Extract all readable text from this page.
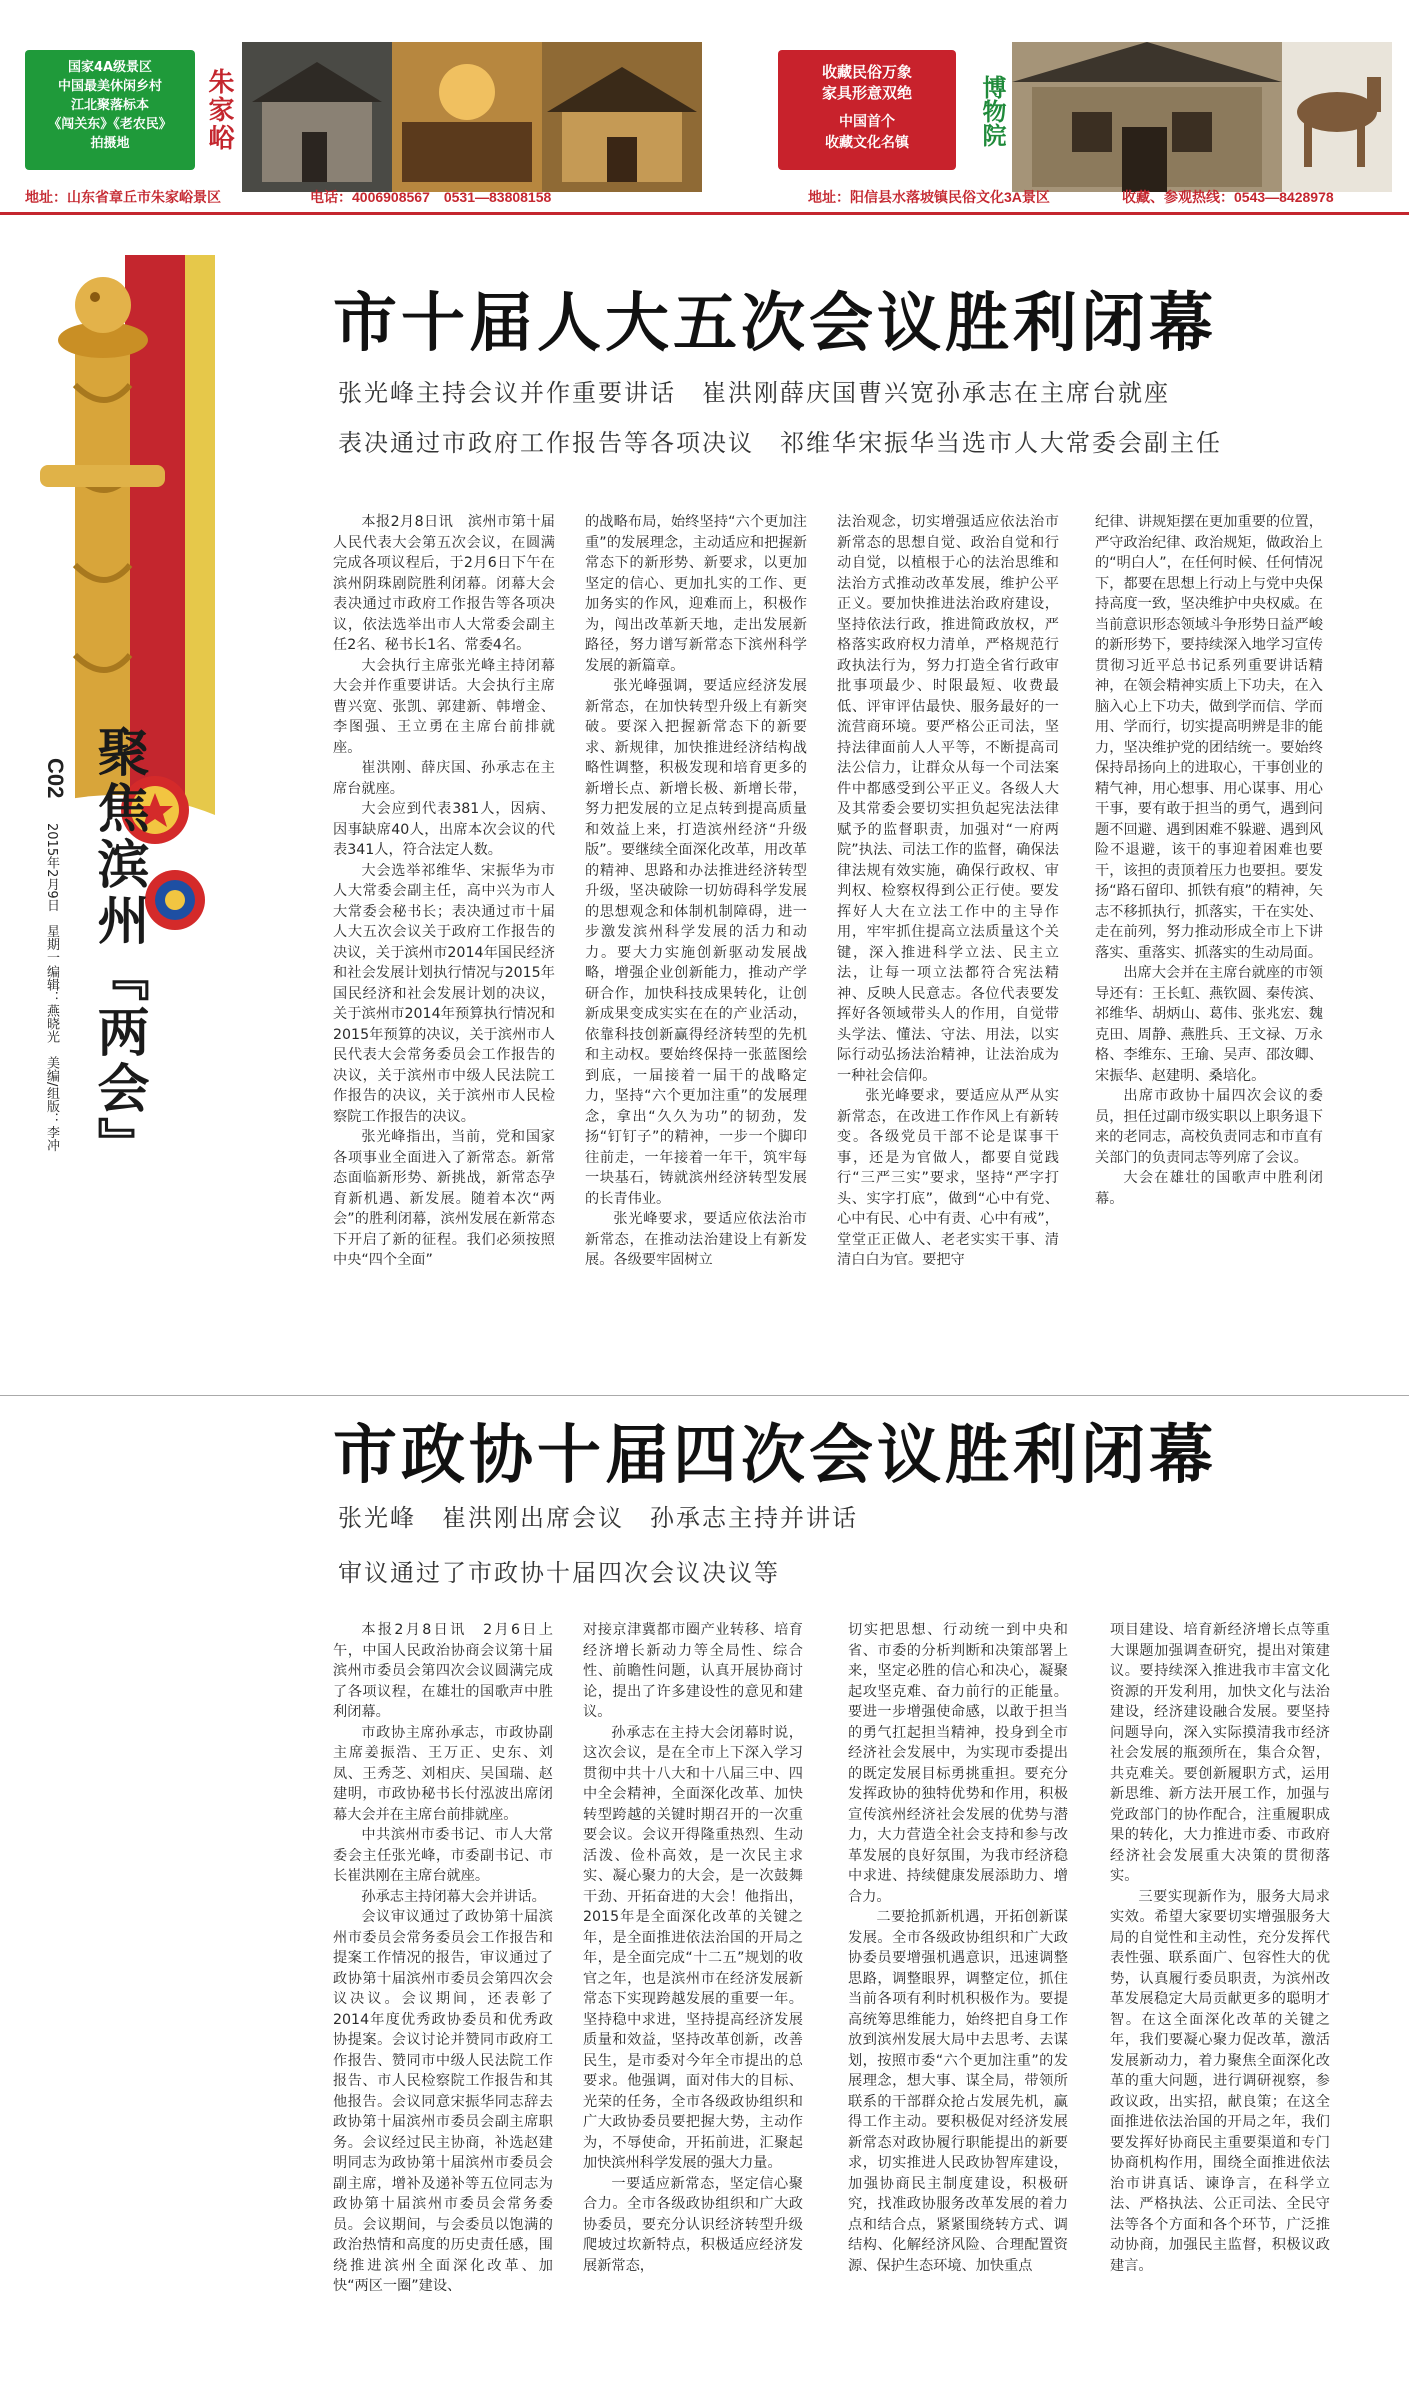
国家4A级景区
中国最美休闲乡村
江北聚落标本
《闯关东》《老农民》
拍摄地	朱家峪	收藏民俗万象
家具形意双绝
中国首个
收藏文化名镇	博物院
地址：山东省章丘市朱家峪景区	电话：4006908567　0531—83808158	地址：阳信县水落坡镇民俗文化3A景区	收藏、参观热线：0543—8428978
聚焦滨州『两会』
C02
2015年2月9日　星期一
编辑：燕晓光　美编/组版：李冲
市十届人大五次会议胜利闭幕
张光峰主持会议并作重要讲话　崔洪刚薛庆国曹兴宽孙承志在主席台就座
表决通过市政府工作报告等各项决议　祁维华宋振华当选市人大常委会副主任

本报2月8日讯　滨州市第十届人民代表大会第五次会议，在圆满完成各项议程后，于2月6日下午在滨州阴珠剧院胜利闭幕。闭幕大会表决通过市政府工作报告等各项决议，依法选举出市人大常委会副主任2名、秘书长1名、常委4名。

大会执行主席张光峰主持闭幕大会并作重要讲话。大会执行主席曹兴宽、张凯、郭建新、韩增金、李图强、王立勇在主席台前排就座。

崔洪刚、薛庆国、孙承志在主席台就座。

大会应到代表381人，因病、因事缺席40人，出席本次会议的代表341人，符合法定人数。

大会选举祁维华、宋振华为市人大常委会副主任，高中兴为市人大常委会秘书长；表决通过市十届人大五次会议关于政府工作报告的决议，关于滨州市2014年国民经济和社会发展计划执行情况与2015年国民经济和社会发展计划的决议，关于滨州市2014年预算执行情况和2015年预算的决议，关于滨州市人民代表大会常务委员会工作报告的决议，关于滨州市中级人民法院工作报告的决议，关于滨州市人民检察院工作报告的决议。

张光峰指出，当前，党和国家各项事业全面进入了新常态。新常态面临新形势、新挑战，新常态孕育新机遇、新发展。随着本次“两会”的胜利闭幕，滨州发展在新常态下开启了新的征程。我们必须按照中央“四个全面”

的战略布局，始终坚持“六个更加注重”的发展理念，主动适应和把握新常态下的新形势、新要求，以更加坚定的信心、更加扎实的工作、更加务实的作风，迎难而上，积极作为，闯出改革新天地，走出发展新路径，努力谱写新常态下滨州科学发展的新篇章。

张光峰强调，要适应经济发展新常态，在加快转型升级上有新突破。要深入把握新常态下的新要求、新规律，加快推进经济结构战略性调整，积极发现和培育更多的新增长点、新增长极、新增长带，努力把发展的立足点转到提高质量和效益上来，打造滨州经济“升级版”。要继续全面深化改革，用改革的精神、思路和办法推进经济转型升级，坚决破除一切妨碍科学发展的思想观念和体制机制障碍，进一步激发滨州科学发展的活力和动力。要大力实施创新驱动发展战略，增强企业创新能力，推动产学研合作，加快科技成果转化，让创新成果变成实实在在的产业活动，依靠科技创新赢得经济转型的先机和主动权。要始终保持一张蓝图绘到底，一届接着一届干的战略定力，坚持“六个更加注重”的发展理念，拿出“久久为功”的韧劲，发扬“钉钉子”的精神，一步一个脚印往前走，一年接着一年干，筑牢每一块基石，铸就滨州经济转型发展的长青伟业。

张光峰要求，要适应依法治市新常态，在推动法治建设上有新发展。各级要牢固树立

法治观念，切实增强适应依法治市新常态的思想自觉、政治自觉和行动自觉，以植根于心的法治思维和法治方式推动改革发展，维护公平正义。要加快推进法治政府建设，坚持依法行政，推进简政放权，严格落实政府权力清单，严格规范行政执法行为，努力打造全省行政审批事项最少、时限最短、收费最低、评审评估最快、服务最好的一流营商环境。要严格公正司法，坚持法律面前人人平等，不断提高司法公信力，让群众从每一个司法案件中都感受到公平正义。各级人大及其常委会要切实担负起宪法法律赋予的监督职责，加强对“一府两院”执法、司法工作的监督，确保法律法规有效实施，确保行政权、审判权、检察权得到公正行使。要发挥好人大在立法工作中的主导作用，牢牢抓住提高立法质量这个关键，深入推进科学立法、民主立法，让每一项立法都符合宪法精神、反映人民意志。各位代表要发挥好各领域带头人的作用，自觉带头学法、懂法、守法、用法，以实际行动弘扬法治精神，让法治成为一种社会信仰。

张光峰要求，要适应从严从实新常态，在改进工作作风上有新转变。各级党员干部不论是谋事干事，还是为官做人，都要自觉践行“三严三实”要求，坚持“严字打头、实字打底”，做到“心中有党、心中有民、心中有责、心中有戒”，堂堂正正做人、老老实实干事、清清白白为官。要把守

纪律、讲规矩摆在更加重要的位置，严守政治纪律、政治规矩，做政治上的“明白人”，在任何时候、任何情况下，都要在思想上行动上与党中央保持高度一致，坚决维护中央权威。在当前意识形态领域斗争形势日益严峻的新形势下，要持续深入地学习宣传贯彻习近平总书记系列重要讲话精神，在领会精神实质上下功夫，在入脑入心上下功夫，做到学而信、学而用、学而行，切实提高明辨是非的能力，坚决维护党的团结统一。要始终保持昂扬向上的进取心，干事创业的精气神，用心想事、用心谋事、用心干事，要有敢于担当的勇气，遇到问题不回避、遇到困难不躲避、遇到风险不退避，该干的事迎着困难也要干，该担的责顶着压力也要担。要发扬“路石留印、抓铁有痕”的精神，矢志不移抓执行，抓落实，干在实处、走在前列，努力推动形成全市上下讲落实、重落实、抓落实的生动局面。

出席大会并在主席台就座的市领导还有：王长虹、燕钦圆、秦传滨、祁维华、胡炳山、葛伟、张兆宏、魏克田、周静、燕胜兵、王文禄、万永格、李维东、王瑜、吴声、邵汝卿、宋振华、赵建明、桑培化。

出席市政协十届四次会议的委员，担任过副市级实职以上职务退下来的老同志，高校负责同志和市直有关部门的负责同志等列席了会议。

大会在雄壮的国歌声中胜利闭幕。

市政协十届四次会议胜利闭幕
张光峰　崔洪刚出席会议　孙承志主持并讲话
审议通过了市政协十届四次会议决议等

本报2月8日讯　2月6日上午，中国人民政治协商会议第十届滨州市委员会第四次会议圆满完成了各项议程，在雄壮的国歌声中胜利闭幕。

市政协主席孙承志，市政协副主席姜振浩、王万正、史东、刘凤、王秀芝、刘相庆、吴国瑞、赵建明，市政协秘书长付泓波出席闭幕大会并在主席台前排就座。

中共滨州市委书记、市人大常委会主任张光峰，市委副书记、市长崔洪刚在主席台就座。

孙承志主持闭幕大会并讲话。

会议审议通过了政协第十届滨州市委员会常务委员会工作报告和提案工作情况的报告，审议通过了政协第十届滨州市委员会第四次会议决议。会议期间，还表彰了2014年度优秀政协委员和优秀政协提案。会议讨论并赞同市政府工作报告、赞同市中级人民法院工作报告、市人民检察院工作报告和其他报告。会议同意宋振华同志辞去政协第十届滨州市委员会副主席职务。会议经过民主协商，补选赵建明同志为政协第十届滨州市委员会副主席，增补及递补等五位同志为政协第十届滨州市委员会常务委员。会议期间，与会委员以饱满的政治热情和高度的历史责任感，围绕推进滨州全面深化改革、加快“两区一圈”建设、

对接京津冀都市圈产业转移、培育经济增长新动力等全局性、综合性、前瞻性问题，认真开展协商讨论，提出了许多建设性的意见和建议。

孙承志在主持大会闭幕时说，这次会议，是在全市上下深入学习贯彻中共十八大和十八届三中、四中全会精神，全面深化改革、加快转型跨越的关键时期召开的一次重要会议。会议开得隆重热烈、生动活泼、俭朴高效，是一次民主求实、凝心聚力的大会，是一次鼓舞干劲、开拓奋进的大会！他指出，2015年是全面深化改革的关键之年，是全面推进依法治国的开局之年，是全面完成“十二五”规划的收官之年，也是滨州市在经济发展新常态下实现跨越发展的重要一年。坚持稳中求进，坚持提高经济发展质量和效益，坚持改革创新，改善民生，是市委对今年全市提出的总要求。他强调，面对伟大的目标、光荣的任务，全市各级政协组织和广大政协委员要把握大势，主动作为，不辱使命，开拓前进，汇聚起加快滨州科学发展的强大力量。

一要适应新常态，坚定信心聚合力。全市各级政协组织和广大政协委员，要充分认识经济转型升级爬坡过坎新特点，积极适应经济发展新常态，

切实把思想、行动统一到中央和省、市委的分析判断和决策部署上来，坚定必胜的信心和决心，凝聚起攻坚克难、奋力前行的正能量。要进一步增强使命感，以敢于担当的勇气扛起担当精神，投身到全市经济社会发展中，为实现市委提出的既定发展目标勇挑重担。要充分发挥政协的独特优势和作用，积极宣传滨州经济社会发展的优势与潜力，大力营造全社会支持和参与改革发展的良好氛围，为我市经济稳中求进、持续健康发展添助力、增合力。

二要抢抓新机遇，开拓创新谋发展。全市各级政协组织和广大政协委员要增强机遇意识，迅速调整思路，调整眼界，调整定位，抓住当前各项有利时机积极作为。要提高统筹思维能力，始终把自身工作放到滨州发展大局中去思考、去谋划，按照市委“六个更加注重”的发展理念，想大事、谋全局，带领所联系的干部群众抢占发展先机，赢得工作主动。要积极促对经济发展新常态对政协履行职能提出的新要求，切实推进人民政协智库建设，加强协商民主制度建设，积极研究，找准政协服务改革发展的着力点和结合点，紧紧围绕转方式、调结构、化解经济风险、合理配置资源、保护生态环境、加快重点

项目建设、培育新经济增长点等重大课题加强调查研究，提出对策建议。要持续深入推进我市丰富文化资源的开发利用，加快文化与法治建设，经济建设融合发展。要坚持问题导向，深入实际摸清我市经济社会发展的瓶颈所在，集合众智，共克难关。要创新履职方式，运用新思维、新方法开展工作，加强与党政部门的协作配合，注重履职成果的转化，大力推进市委、市政府经济社会发展重大决策的贯彻落实。

三要实现新作为，服务大局求实效。希望大家要切实增强服务大局的自觉性和主动性，充分发挥代表性强、联系面广、包容性大的优势，认真履行委员职责，为滨州改革发展稳定大局贡献更多的聪明才智。在这全面深化改革的关键之年，我们要凝心聚力促改革，激活发展新动力，着力聚焦全面深化改革的重大问题，进行调研视察，参政议政，出实招，献良策；在这全面推进依法治国的开局之年，我们要发挥好协商民主重要渠道和专门协商机构作用，围绕全面推进依法治市讲真话、谏诤言，在科学立法、严格执法、公正司法、全民守法等各个方面和各个环节，广泛推动协商，加强民主监督，积极议政建言。
